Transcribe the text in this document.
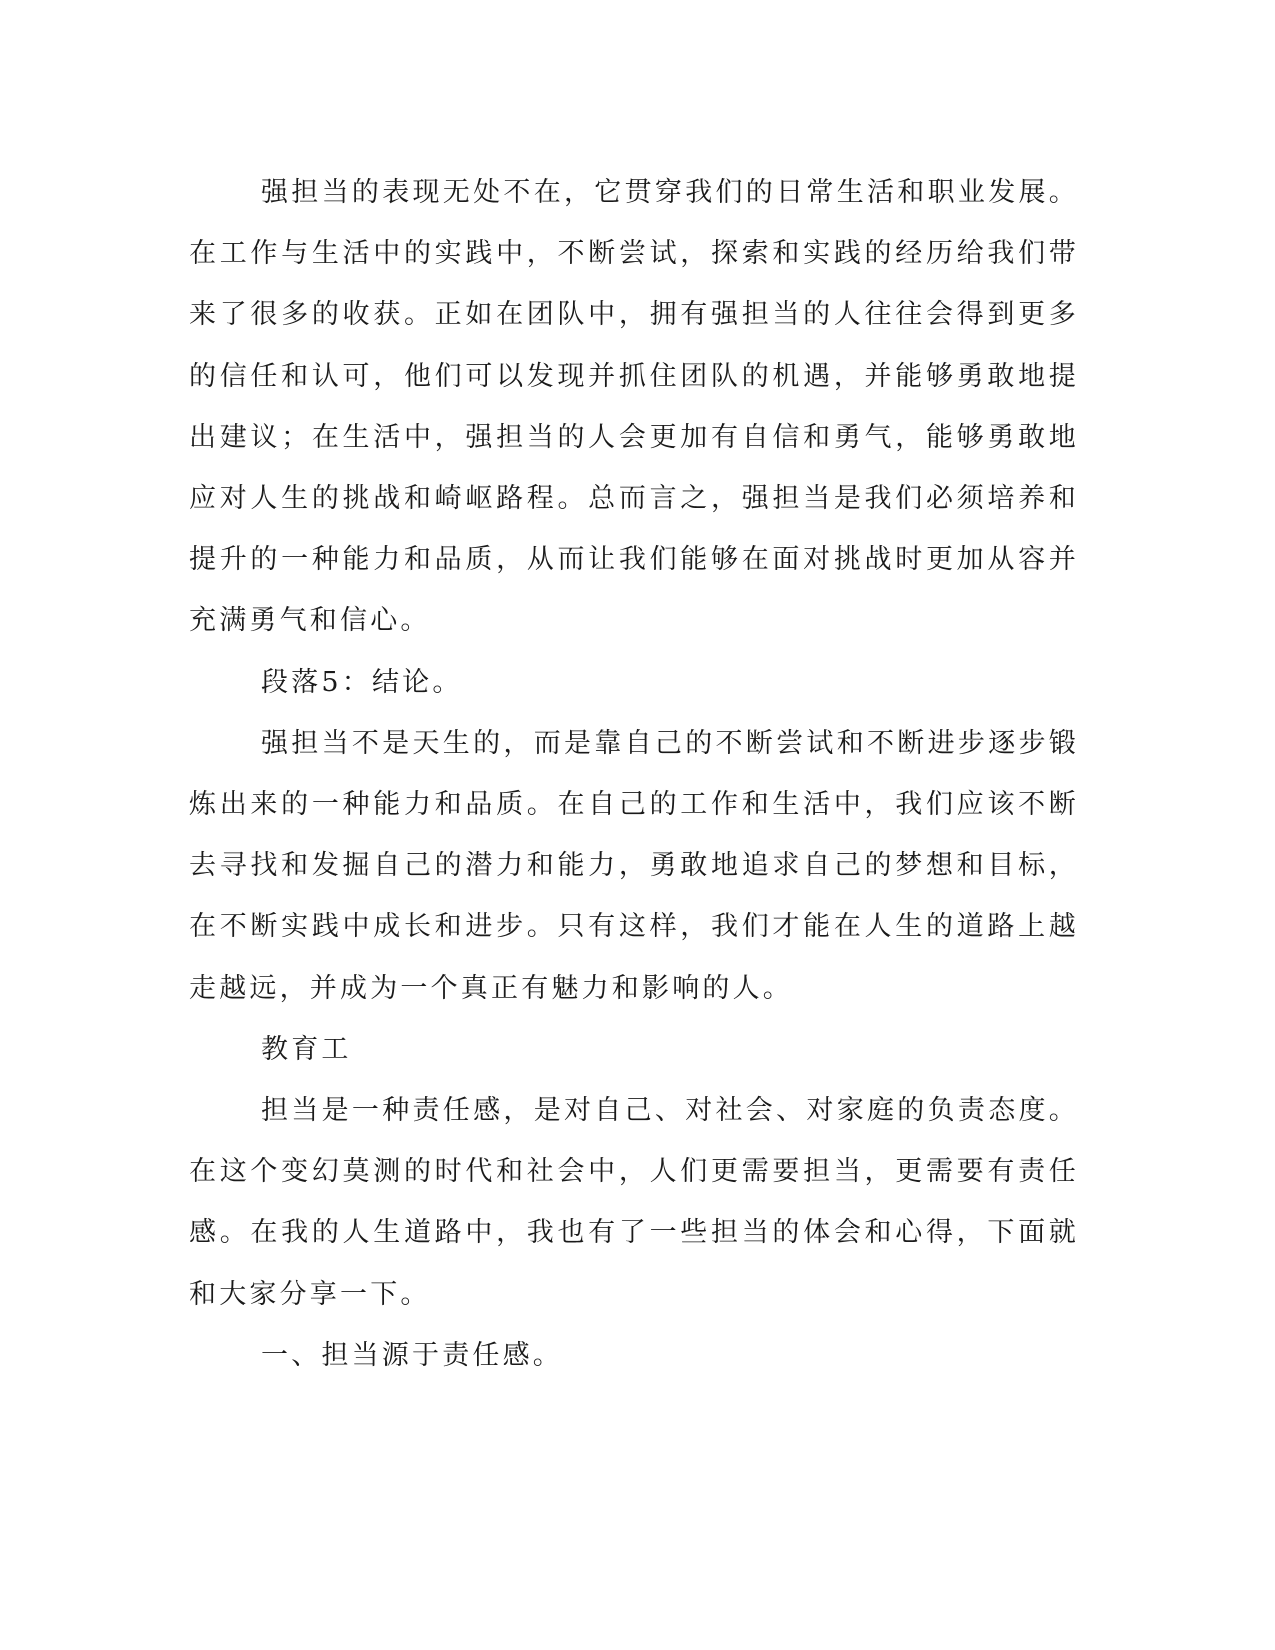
强担当的表现无处不在，它贯穿我们的日常生活和职业发展。在工作与生活中的实践中，不断尝试，探索和实践的经历给我们带来了很多的收获。正如在团队中，拥有强担当的人往往会得到更多的信任和认可，他们可以发现并抓住团队的机遇，并能够勇敢地提出建议；在生活中，强担当的人会更加有自信和勇气，能够勇敢地应对人生的挑战和崎岖路程。总而言之，强担当是我们必须培养和提升的一种能力和品质，从而让我们能够在面对挑战时更加从容并充满勇气和信心。

段落5：结论。

强担当不是天生的，而是靠自己的不断尝试和不断进步逐步锻炼出来的一种能力和品质。在自己的工作和生活中，我们应该不断去寻找和发掘自己的潜力和能力，勇敢地追求自己的梦想和目标，在不断实践中成长和进步。只有这样，我们才能在人生的道路上越走越远，并成为一个真正有魅力和影响的人。

教育工

担当是一种责任感，是对自己、对社会、对家庭的负责态度。在这个变幻莫测的时代和社会中，人们更需要担当，更需要有责任感。在我的人生道路中，我也有了一些担当的体会和心得，下面就和大家分享一下。

一、担当源于责任感。
